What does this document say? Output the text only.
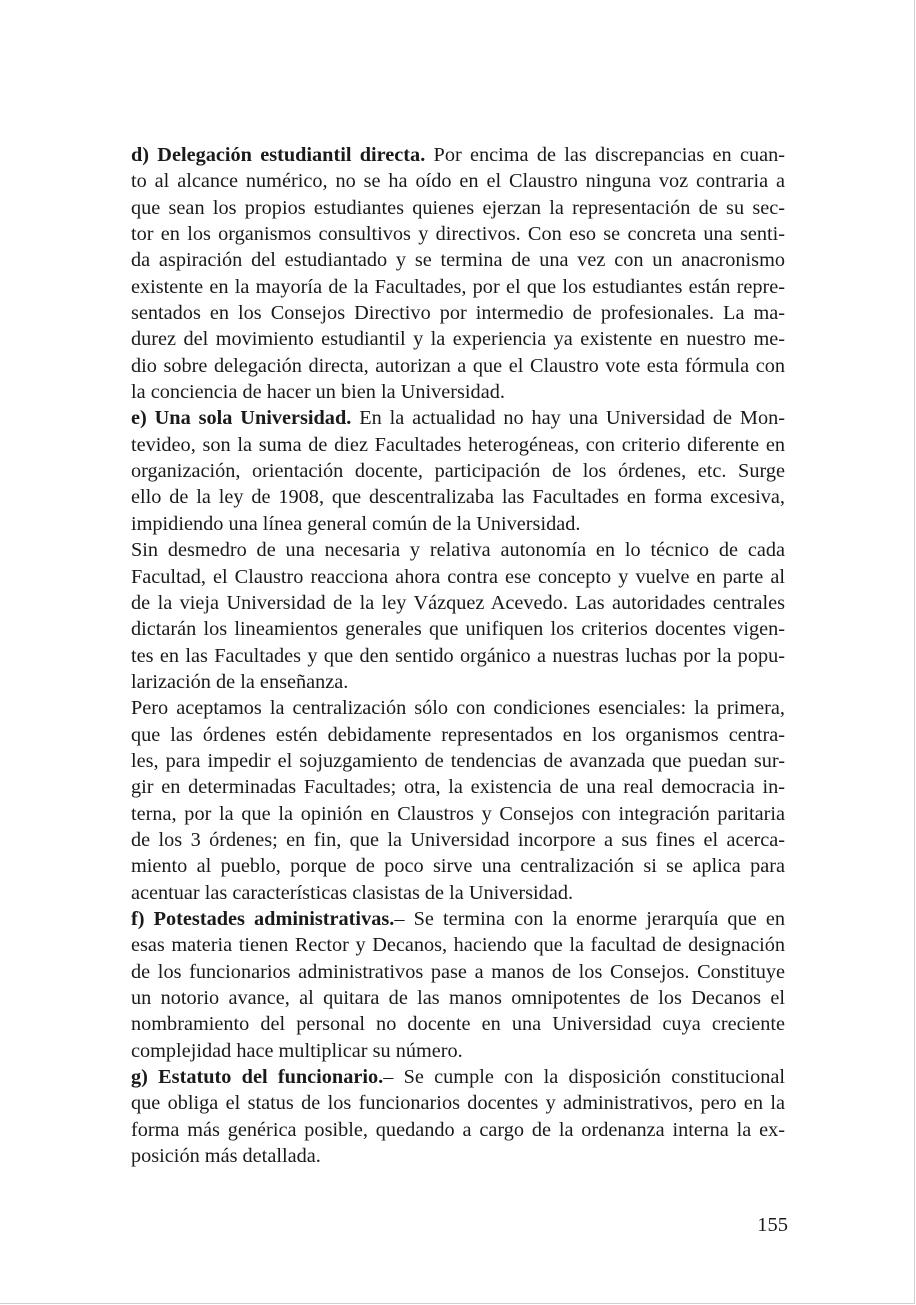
d) Delegación estudiantil directa. Por encima de las discrepancias en cuan-
to al alcance numérico, no se ha oído en el Claustro ninguna voz contraria a
que sean los propios estudiantes quienes ejerzan la representación de su sec-
tor en los organismos consultivos y directivos. Con eso se concreta una senti-
da aspiración del estudiantado y se termina de una vez con un anacronismo
existente en la mayoría de la Facultades, por el que los estudiantes están repre-
sentados en los Consejos Directivo por intermedio de profesionales. La ma-
durez del movimiento estudiantil y la experiencia ya existente en nuestro me-
dio sobre delegación directa, autorizan a que el Claustro vote esta fórmula con
la conciencia de hacer un bien la Universidad.
e) Una sola Universidad. En la actualidad no hay una Universidad de Mon-
tevideo, son la suma de diez Facultades heterogéneas, con criterio diferente en
organización, orientación docente, participación de los órdenes, etc. Surge
ello de la ley de 1908, que descentralizaba las Facultades en forma excesiva,
impidiendo una línea general común de la Universidad.
Sin desmedro de una necesaria y relativa autonomía en lo técnico de cada
Facultad, el Claustro reacciona ahora contra ese concepto y vuelve en parte al
de la vieja Universidad de la ley Vázquez Acevedo. Las autoridades centrales
dictarán los lineamientos generales que unifiquen los criterios docentes vigen-
tes en las Facultades y que den sentido orgánico a nuestras luchas por la popu-
larización de la enseñanza.
Pero aceptamos la centralización sólo con condiciones esenciales: la primera,
que las órdenes estén debidamente representados en los organismos centra-
les, para impedir el sojuzgamiento de tendencias de avanzada que puedan sur-
gir en determinadas Facultades; otra, la existencia de una real democracia in-
terna, por la que la opinión en Claustros y Consejos con integración paritaria
de los 3 órdenes; en fin, que la Universidad incorpore a sus fines el acerca-
miento al pueblo, porque de poco sirve una centralización si se aplica para
acentuar las características clasistas de la Universidad.
f) Potestades administrativas.– Se termina con la enorme jerarquía que en
esas materia tienen Rector y Decanos, haciendo que la facultad de designación
de los funcionarios administrativos pase a manos de los Consejos. Constituye
un notorio avance, al quitara de las manos omnipotentes de los Decanos el
nombramiento del personal no docente en una Universidad cuya creciente
complejidad hace multiplicar su número.
g) Estatuto del funcionario.– Se cumple con la disposición constitucional
que obliga el status de los funcionarios docentes y administrativos, pero en la
forma más genérica posible, quedando a cargo de la ordenanza interna la ex-
posición más detallada.
155
